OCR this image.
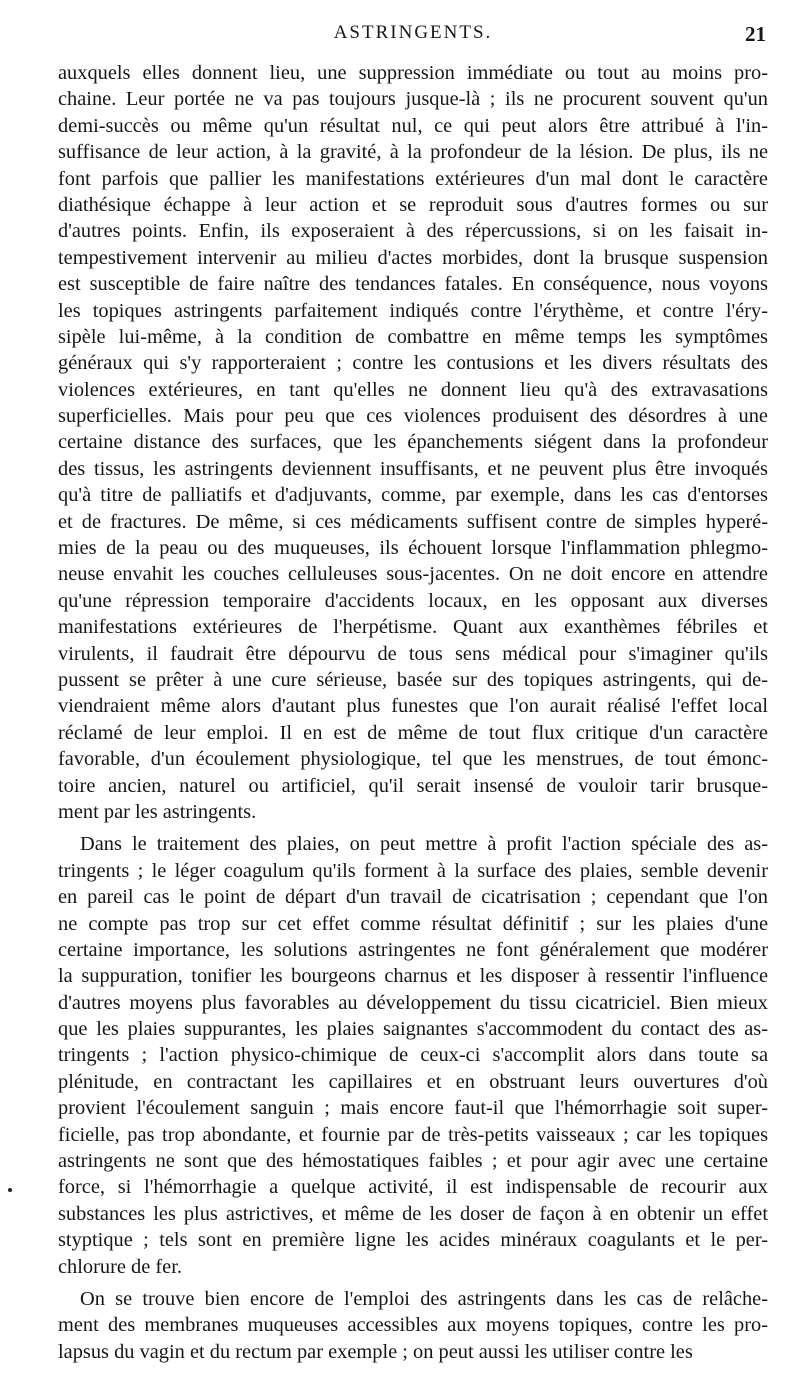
ASTRINGENTS.	21
auxquels elles donnent lieu, une suppression immédiate ou tout au moins pro-
chaine. Leur portée ne va pas toujours jusque-là ; ils ne procurent souvent qu'un
demi-succès ou même qu'un résultat nul, ce qui peut alors être attribué à l'in-
suffisance de leur action, à la gravité, à la profondeur de la lésion. De plus, ils ne
font parfois que pallier les manifestations extérieures d'un mal dont le caractère
diathésique échappe à leur action et se reproduit sous d'autres formes ou sur
d'autres points. Enfin, ils exposeraient à des répercussions, si on les faisait in-
tempestivement intervenir au milieu d'actes morbides, dont la brusque suspension
est susceptible de faire naître des tendances fatales. En conséquence, nous voyons
les topiques astringents parfaitement indiqués contre l'érythème, et contre l'éry-
sipèle lui-même, à la condition de combattre en même temps les symptômes
généraux qui s'y rapporteraient ; contre les contusions et les divers résultats des
violences extérieures, en tant qu'elles ne donnent lieu qu'à des extravasations
superficielles. Mais pour peu que ces violences produisent des désordres à une
certaine distance des surfaces, que les épanchements siégent dans la profondeur
des tissus, les astringents deviennent insuffisants, et ne peuvent plus être invoqués
qu'à titre de palliatifs et d'adjuvants, comme, par exemple, dans les cas d'entorses
et de fractures. De même, si ces médicaments suffisent contre de simples hyperé-
mies de la peau ou des muqueuses, ils échouent lorsque l'inflammation phlegmo-
neuse envahit les couches celluleuses sous-jacentes. On ne doit encore en attendre
qu'une répression temporaire d'accidents locaux, en les opposant aux diverses
manifestations extérieures de l'herpétisme. Quant aux exanthèmes fébriles et
virulents, il faudrait être dépourvu de tous sens médical pour s'imaginer qu'ils
pussent se prêter à une cure sérieuse, basée sur des topiques astringents, qui de-
viendraient même alors d'autant plus funestes que l'on aurait réalisé l'effet local
réclamé de leur emploi. Il en est de même de tout flux critique d'un caractère
favorable, d'un écoulement physiologique, tel que les menstrues, de tout émonc-
toire ancien, naturel ou artificiel, qu'il serait insensé de vouloir tarir brusque-
ment par les astringents.
Dans le traitement des plaies, on peut mettre à profit l'action spéciale des as-
tringents ; le léger coagulum qu'ils forment à la surface des plaies, semble devenir
en pareil cas le point de départ d'un travail de cicatrisation ; cependant que l'on
ne compte pas trop sur cet effet comme résultat définitif ; sur les plaies d'une
certaine importance, les solutions astringentes ne font généralement que modérer
la suppuration, tonifier les bourgeons charnus et les disposer à ressentir l'influence
d'autres moyens plus favorables au développement du tissu cicatriciel. Bien mieux
que les plaies suppurantes, les plaies saignantes s'accommodent du contact des as-
tringents ; l'action physico-chimique de ceux-ci s'accomplit alors dans toute sa
plénitude, en contractant les capillaires et en obstruant leurs ouvertures d'où
provient l'écoulement sanguin ; mais encore faut-il que l'hémorrhagie soit super-
ficielle, pas trop abondante, et fournie par de très-petits vaisseaux ; car les topiques
astringents ne sont que des hémostatiques faibles ; et pour agir avec une certaine
force, si l'hémorrhagie a quelque activité, il est indispensable de recourir aux
substances les plus astrictives, et même de les doser de façon à en obtenir un effet
styptique ; tels sont en première ligne les acides minéraux coagulants et le per-
chlorure de fer.
On se trouve bien encore de l'emploi des astringents dans les cas de relâche-
ment des membranes muqueuses accessibles aux moyens topiques, contre les pro-
lapsus du vagin et du rectum par exemple ; on peut aussi les utiliser contre les
